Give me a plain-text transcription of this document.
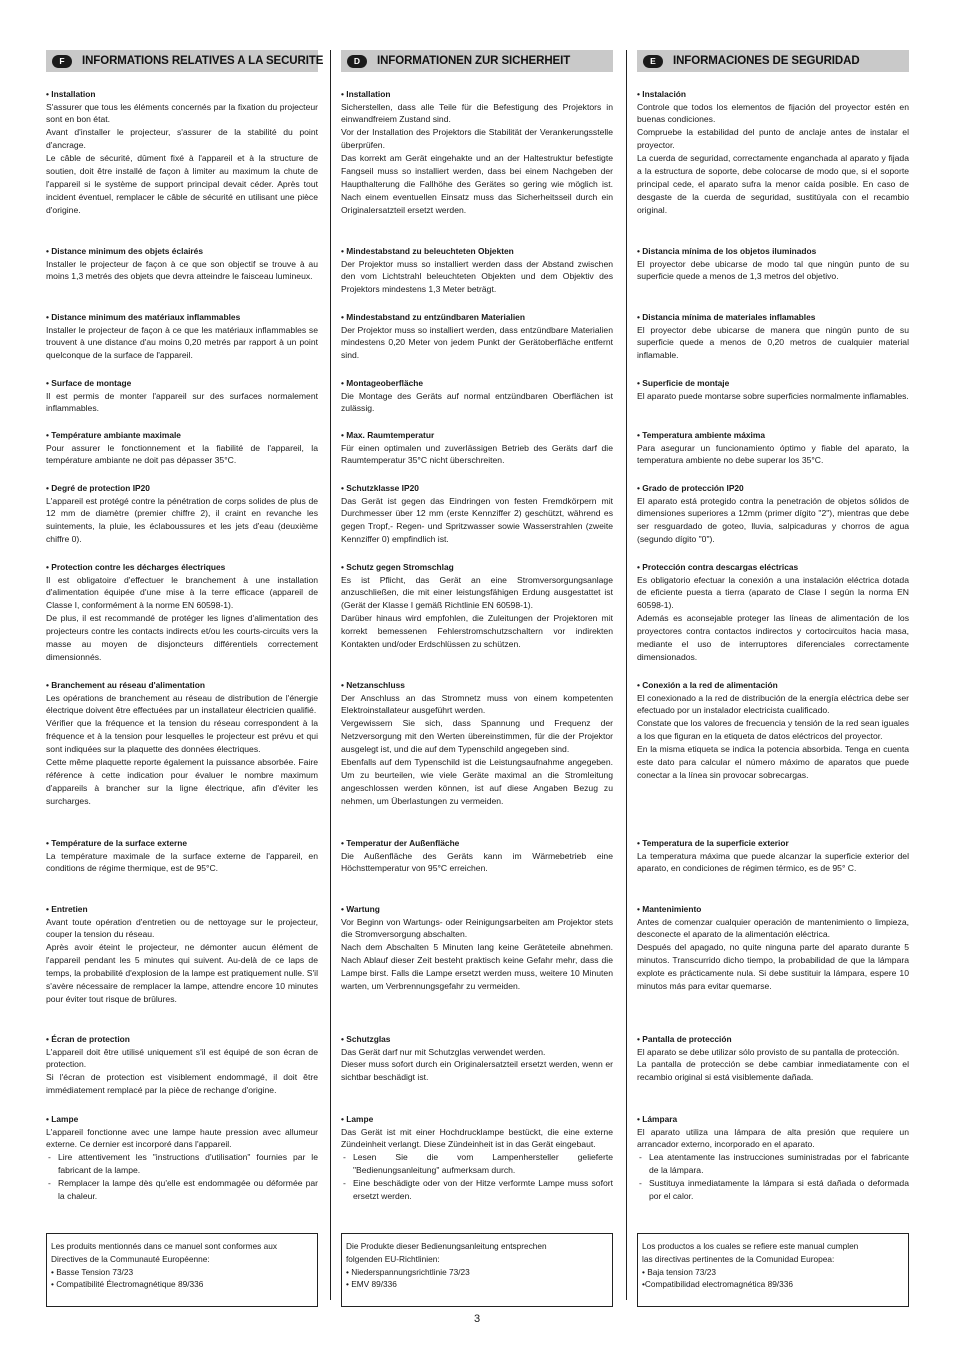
F	INFORMATIONS RELATIVES A LA SECURITE
• Installation
S'assurer que tous les éléments concernés par la fixation du projecteur sont en bon état.
Avant d'installer le projecteur, s'assurer de la stabilité du point d'ancrage.
Le câble de sécurité, dûment fixé à l'appareil et à la structure de soutien, doit être installé de façon à limiter au maximum la chute de l'appareil si le système de support principal devait céder. Après tout incident éventuel, remplacer le câble de sécurité en utilisant une pièce d'origine.
• Distance minimum des objets éclairés
Installer le projecteur de façon à ce que son objectif se trouve à au moins 1,3 metrés des objets que devra atteindre le faisceau lumineux.
• Distance minimum des matériaux inflammables
Installer le projecteur de façon à ce que les matériaux inflammables se trouvent à une distance d'au moins 0,20 metrés par rapport à un point quelconque de la surface de l'appareil.
• Surface de montage
Il est permis de monter l'appareil sur des surfaces normalement inflammables.
• Température ambiante maximale
Pour assurer le fonctionnement et la fiabilité de l'appareil, la température ambiante ne doit pas dépasser 35°C.
• Degré de protection IP20
L'appareil est protégé contre la pénétration de corps solides de plus de 12 mm de diamètre (premier chiffre 2), il craint en revanche les suintements, la pluie, les éclaboussures et les jets d'eau (deuxième chiffre 0).
• Protection contre les décharges électriques
Il est obligatoire d'effectuer le branchement à une installation d'alimentation équipée d'une mise à la terre efficace (appareil de Classe I, conformément à la norme EN 60598-1).
De plus, il est recommandé de protéger les lignes d'alimentation des projecteurs contre les contacts indirects et/ou les courts-circuits vers la masse au moyen de disjoncteurs différentiels correctement dimensionnés.
• Branchement au réseau d'alimentation
Les opérations de branchement au réseau de distribution de l'énergie électrique doivent être effectuées par un installateur électricien qualifié.
Vérifier que la fréquence et la tension du réseau correspondent à la fréquence et à la tension pour lesquelles le projecteur est prévu et qui sont indiquées sur la plaquette des données électriques.
Cette même plaquette reporte également la puissance absorbée. Faire référence à cette indication pour évaluer le nombre maximum d'appareils à brancher sur la ligne électrique, afin d'éviter les surcharges.
• Température de la surface externe
La température maximale de la surface externe de l'appareil, en conditions de régime thermique, est de 95°C.
• Entretien
Avant toute opération d'entretien ou de nettoyage sur le projecteur, couper la tension du réseau.
Après avoir éteint le projecteur, ne démonter aucun élément de l'appareil pendant les 5 minutes qui suivent. Au-delà de ce laps de temps, la probabilité d'explosion de la lampe est pratiquement nulle. S'il s'avère nécessaire de remplacer la lampe, attendre encore 10 minutes pour éviter tout risque de brûlures.
• Écran de protection
L'appareil doit être utilisé uniquement s'il est équipé de son écran de protection.
Si l'écran de protection est visiblement endommagé, il doit être immédiatement remplacé par la pièce de rechange d'origine.
• Lampe
L'appareil fonctionne avec une lampe haute pression avec allumeur externe. Ce dernier est incorporé dans l'appareil.
- Lire attentivement les "instructions d'utilisation" fournies par le fabricant de la lampe.
- Remplacer la lampe dès qu'elle est endommagée ou déformée par la chaleur.
Les produits mentionnés dans ce manuel sont conformes aux
Directives de la Communauté Européenne:
• Basse Tension 73/23
• Compatibilité Électromagnétique 89/336
D	INFORMATIONEN ZUR SICHERHEIT
• Installation
Sicherstellen, dass alle Teile für die Befestigung des Projektors in einwandfreiem Zustand sind.
Vor der Installation des Projektors die Stabilität der Verankerungsstelle überprüfen.
Das korrekt am Gerät eingehakte und an der Haltestruktur befestigte Fangseil muss so installiert werden, dass bei einem Nachgeben der Haupthalterung die Fallhöhe des Gerätes so gering wie möglich ist. Nach einem eventuellen Einsatz muss das Sicherheitsseil durch ein Originalersatzteil ersetzt werden.
• Mindestabstand zu beleuchteten Objekten
Der Projektor muss so installiert werden dass der Abstand zwischen den vom Lichtstrahl beleuchteten Objekten und dem Objektiv des Projektors mindestens 1,3 Meter beträgt.
• Mindestabstand zu entzündbaren Materialien
Der Projektor muss so installiert werden, dass entzündbare Materialien mindestens 0,20 Meter von jedem Punkt der Gerätoberfläche entfernt sind.
• Montageoberfläche
Die Montage des Geräts auf normal entzündbaren Oberflächen ist zulässig.
• Max. Raumtemperatur
Für einen optimalen und zuverlässigen Betrieb des Geräts darf die Raumtemperatur 35°C nicht überschreiten.
• Schutzklasse IP20
Das Gerät ist gegen das Eindringen von festen Fremdkörpern mit Durchmesser über 12 mm (erste Kennziffer 2) geschützt, während es gegen Tropf,- Regen- und Spritzwasser sowie Wasserstrahlen (zweite Kennziffer 0) empfindlich ist.
• Schutz gegen Stromschlag
Es ist Pflicht, das Gerät an eine Stromversorgungsanlage anzuschließen, die mit einer leistungsfähigen Erdung ausgestattet ist (Gerät der Klasse I gemäß Richtlinie EN 60598-1).
Darüber hinaus wird empfohlen, die Zuleitungen der Projektoren mit korrekt bemessenen Fehlerstromschutzschaltern vor indirekten Kontakten und/oder Erdschlüssen zu schützen.
• Netzanschluss
Der Anschluss an das Stromnetz muss von einem kompetenten Elektroinstallateur ausgeführt werden.
Vergewissern Sie sich, dass Spannung und Frequenz der Netzversorgung mit den Werten übereinstimmen, für die der Projektor ausgelegt ist, und die auf dem Typenschild angegeben sind.
Ebenfalls auf dem Typenschild ist die Leistungsaufnahme angegeben. Um zu beurteilen, wie viele Geräte maximal an die Stromleitung angeschlossen werden können, ist auf diese Angaben Bezug zu nehmen, um Überlastungen zu vermeiden.
• Temperatur der Außenfläche
Die Außenfläche des Geräts kann im Wärmebetrieb eine Höchsttemperatur von 95°C erreichen.
• Wartung
Vor Beginn von Wartungs- oder Reinigungsarbeiten am Projektor stets die Stromversorgung abschalten.
Nach dem Abschalten 5 Minuten lang keine Geräteteile abnehmen. Nach Ablauf dieser Zeit besteht praktisch keine Gefahr mehr, dass die Lampe birst. Falls die Lampe ersetzt werden muss, weitere 10 Minuten warten, um Verbrennungsgefahr zu vermeiden.
• Schutzglas
Das Gerät darf nur mit Schutzglas verwendet werden.
Dieser muss sofort durch ein Originalersatzteil ersetzt werden, wenn er sichtbar beschädigt ist.
• Lampe
Das Gerät ist mit einer Hochdrucklampe bestückt, die eine externe Zündeinheit verlangt. Diese Zündeinheit ist in das Gerät eingebaut.
- Lesen Sie die vom Lampenhersteller gelieferte "Bedienungsanleitung" aufmerksam durch.
- Eine beschädigte oder von der Hitze verformte Lampe muss sofort ersetzt werden.
Die Produkte dieser Bedienungsanleitung entsprechen
folgenden EU-Richtlinien:
• Niederspannungsrichtlinie 73/23
• EMV 89/336
E	INFORMACIONES DE SEGURIDAD
• Instalación
Controle que todos los elementos de fijación del proyector estén en buenas condiciones.
Compruebe la estabilidad del punto de anclaje antes de instalar el proyector.
La cuerda de seguridad, correctamente enganchada al aparato y fijada a la estructura de soporte, debe colocarse de modo que, si el soporte principal cede, el aparato sufra la menor caída posible. En caso de desgaste de la cuerda de seguridad, sustitúyala con el recambio original.
• Distancia mínima de los objetos iluminados
El proyector debe ubicarse de modo tal que ningún punto de su superficie quede a menos de 1,3 metros del objetivo.
• Distancia mínima de materiales inflamables
El proyector debe ubicarse de manera que ningún punto de su superficie quede a menos de 0,20 metros de cualquier material inflamable.
• Superficie de montaje
El aparato puede montarse sobre superficies normalmente inflamables.
• Temperatura ambiente máxima
Para asegurar un funcionamiento óptimo y fiable del aparato, la temperatura ambiente no debe superar los 35°C.
• Grado de protección IP20
El aparato está protegido contra la penetración de objetos sólidos de dimensiones superiores a 12mm (primer dígito "2"), mientras que debe ser resguardado de goteo, lluvia, salpicaduras y chorros de agua (segundo dígito "0").
• Protección contra descargas eléctricas
Es obligatorio efectuar la conexión a una instalación eléctrica dotada de eficiente puesta a tierra (aparato de Clase I según la norma EN 60598-1).
Además es aconsejable proteger las líneas de alimentación de los proyectores contra contactos indirectos y cortocircuitos hacia masa, mediante el uso de interruptores diferenciales correctamente dimensionados.
• Conexión a la red de alimentación
El conexionado a la red de distribución de la energía eléctrica debe ser efectuado por un instalador electricista cualificado.
Constate que los valores de frecuencia y tensión de la red sean iguales a los que figuran en la etiqueta de datos eléctricos del proyector.
En la misma etiqueta se indica la potencia absorbida. Tenga en cuenta este dato para calcular el número máximo de aparatos que puede conectar a la línea sin provocar sobrecargas.
• Temperatura de la superficie exterior
La temperatura máxima que puede alcanzar la superficie exterior del aparato, en condiciones de régimen térmico, es de 95° C.
• Mantenimiento
Antes de comenzar cualquier operación de mantenimiento o limpieza, desconecte el aparato de la alimentación eléctrica.
Después del apagado, no quite ninguna parte del aparato durante 5 minutos. Transcurrido dicho tiempo, la probabilidad de que la lámpara explote es prácticamente nula. Si debe sustituir la lámpara, espere 10 minutos más para evitar quemarse.
• Pantalla de protección
El aparato se debe utilizar sólo provisto de su pantalla de protección.
La pantalla de protección se debe cambiar inmediatamente con el recambio original si está visiblemente dañada.
• Lámpara
El aparato utiliza una lámpara de alta presión que requiere un arrancador externo, incorporado en el aparato.
- Lea atentamente las instrucciones suministradas por el fabricante de la lámpara.
- Sustituya inmediatamente la lámpara si está dañada o deformada por el calor.
Los productos a los cuales se refiere este manual cumplen
las directivas pertinentes de la Comunidad Europea:
• Baja tension 73/23
•Compatibilidad electromagnética 89/336
3
